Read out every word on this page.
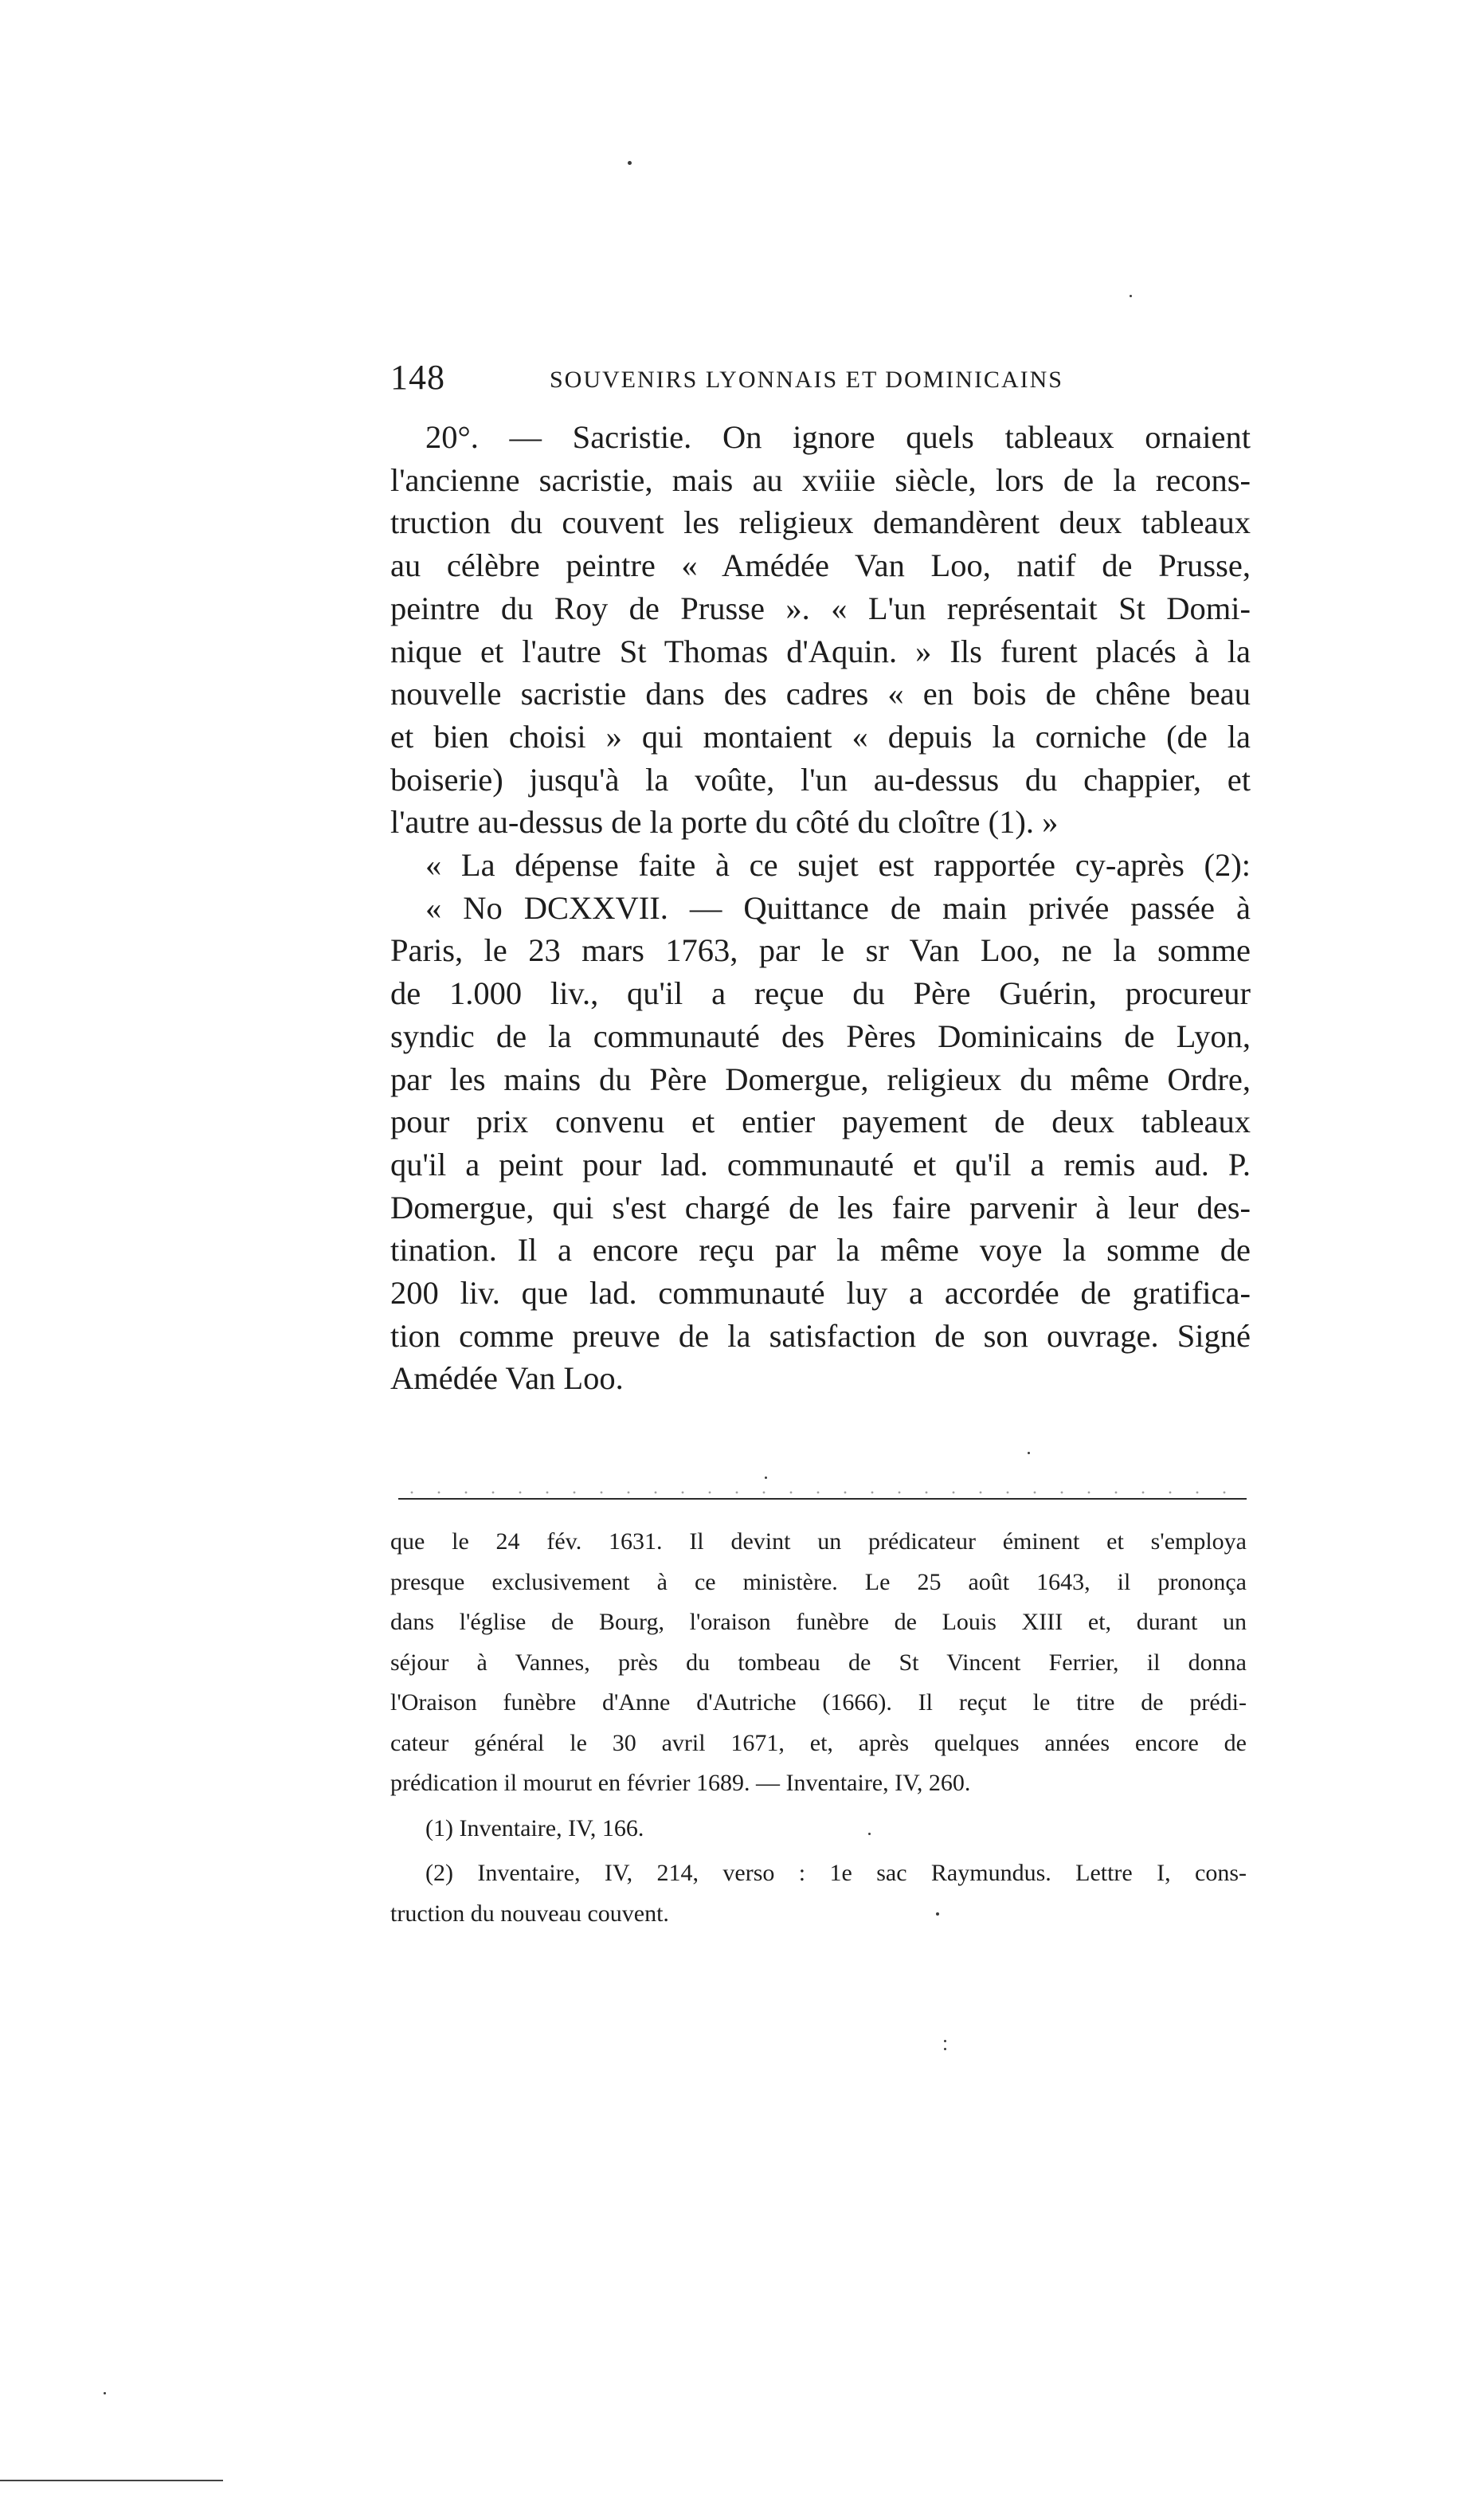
148	SOUVENIRS LYONNAIS ET DOMINICAINS
20°. — Sacristie. On ignore quels tableaux ornaient
l'ancienne sacristie, mais au xviiie siècle, lors de la recons-
truction du couvent les religieux demandèrent deux tableaux
au célèbre peintre « Amédée Van Loo, natif de Prusse,
peintre du Roy de Prusse ». « L'un représentait St Domi-
nique et l'autre St Thomas d'Aquin. » Ils furent placés à la
nouvelle sacristie dans des cadres « en bois de chêne beau
et bien choisi » qui montaient « depuis la corniche (de la
boiserie) jusqu'à la voûte, l'un au-dessus du chappier, et
l'autre au-dessus de la porte du côté du cloître (1). »
« La dépense faite à ce sujet est rapportée cy-après (2):
« No DCXXVII. — Quittance de main privée passée à
Paris, le 23 mars 1763, par le sr Van Loo, ne la somme
de 1.000 liv., qu'il a reçue du Père Guérin, procureur
syndic de la communauté des Pères Dominicains de Lyon,
par les mains du Père Domergue, religieux du même Ordre,
pour prix convenu et entier payement de deux tableaux
qu'il a peint pour lad. communauté et qu'il a remis aud. P.
Domergue, qui s'est chargé de les faire parvenir à leur des-
tination. Il a encore reçu par la même voye la somme de
200 liv. que lad. communauté luy a accordée de gratifica-
tion comme preuve de la satisfaction de son ouvrage. Signé
Amédée Van Loo.
que le 24 fév. 1631. Il devint un prédicateur éminent et s'employa
presque exclusivement à ce ministère. Le 25 août 1643, il prononça
dans l'église de Bourg, l'oraison funèbre de Louis XIII et, durant un
séjour à Vannes, près du tombeau de St Vincent Ferrier, il donna
l'Oraison funèbre d'Anne d'Autriche (1666). Il reçut le titre de prédi-
cateur général le 30 avril 1671, et, après quelques années encore de
prédication il mourut en février 1689. — Inventaire, IV, 260.
(1) Inventaire, IV, 166.
(2) Inventaire, IV, 214, verso : 1e sac Raymundus. Lettre I, cons-
truction du nouveau couvent.
